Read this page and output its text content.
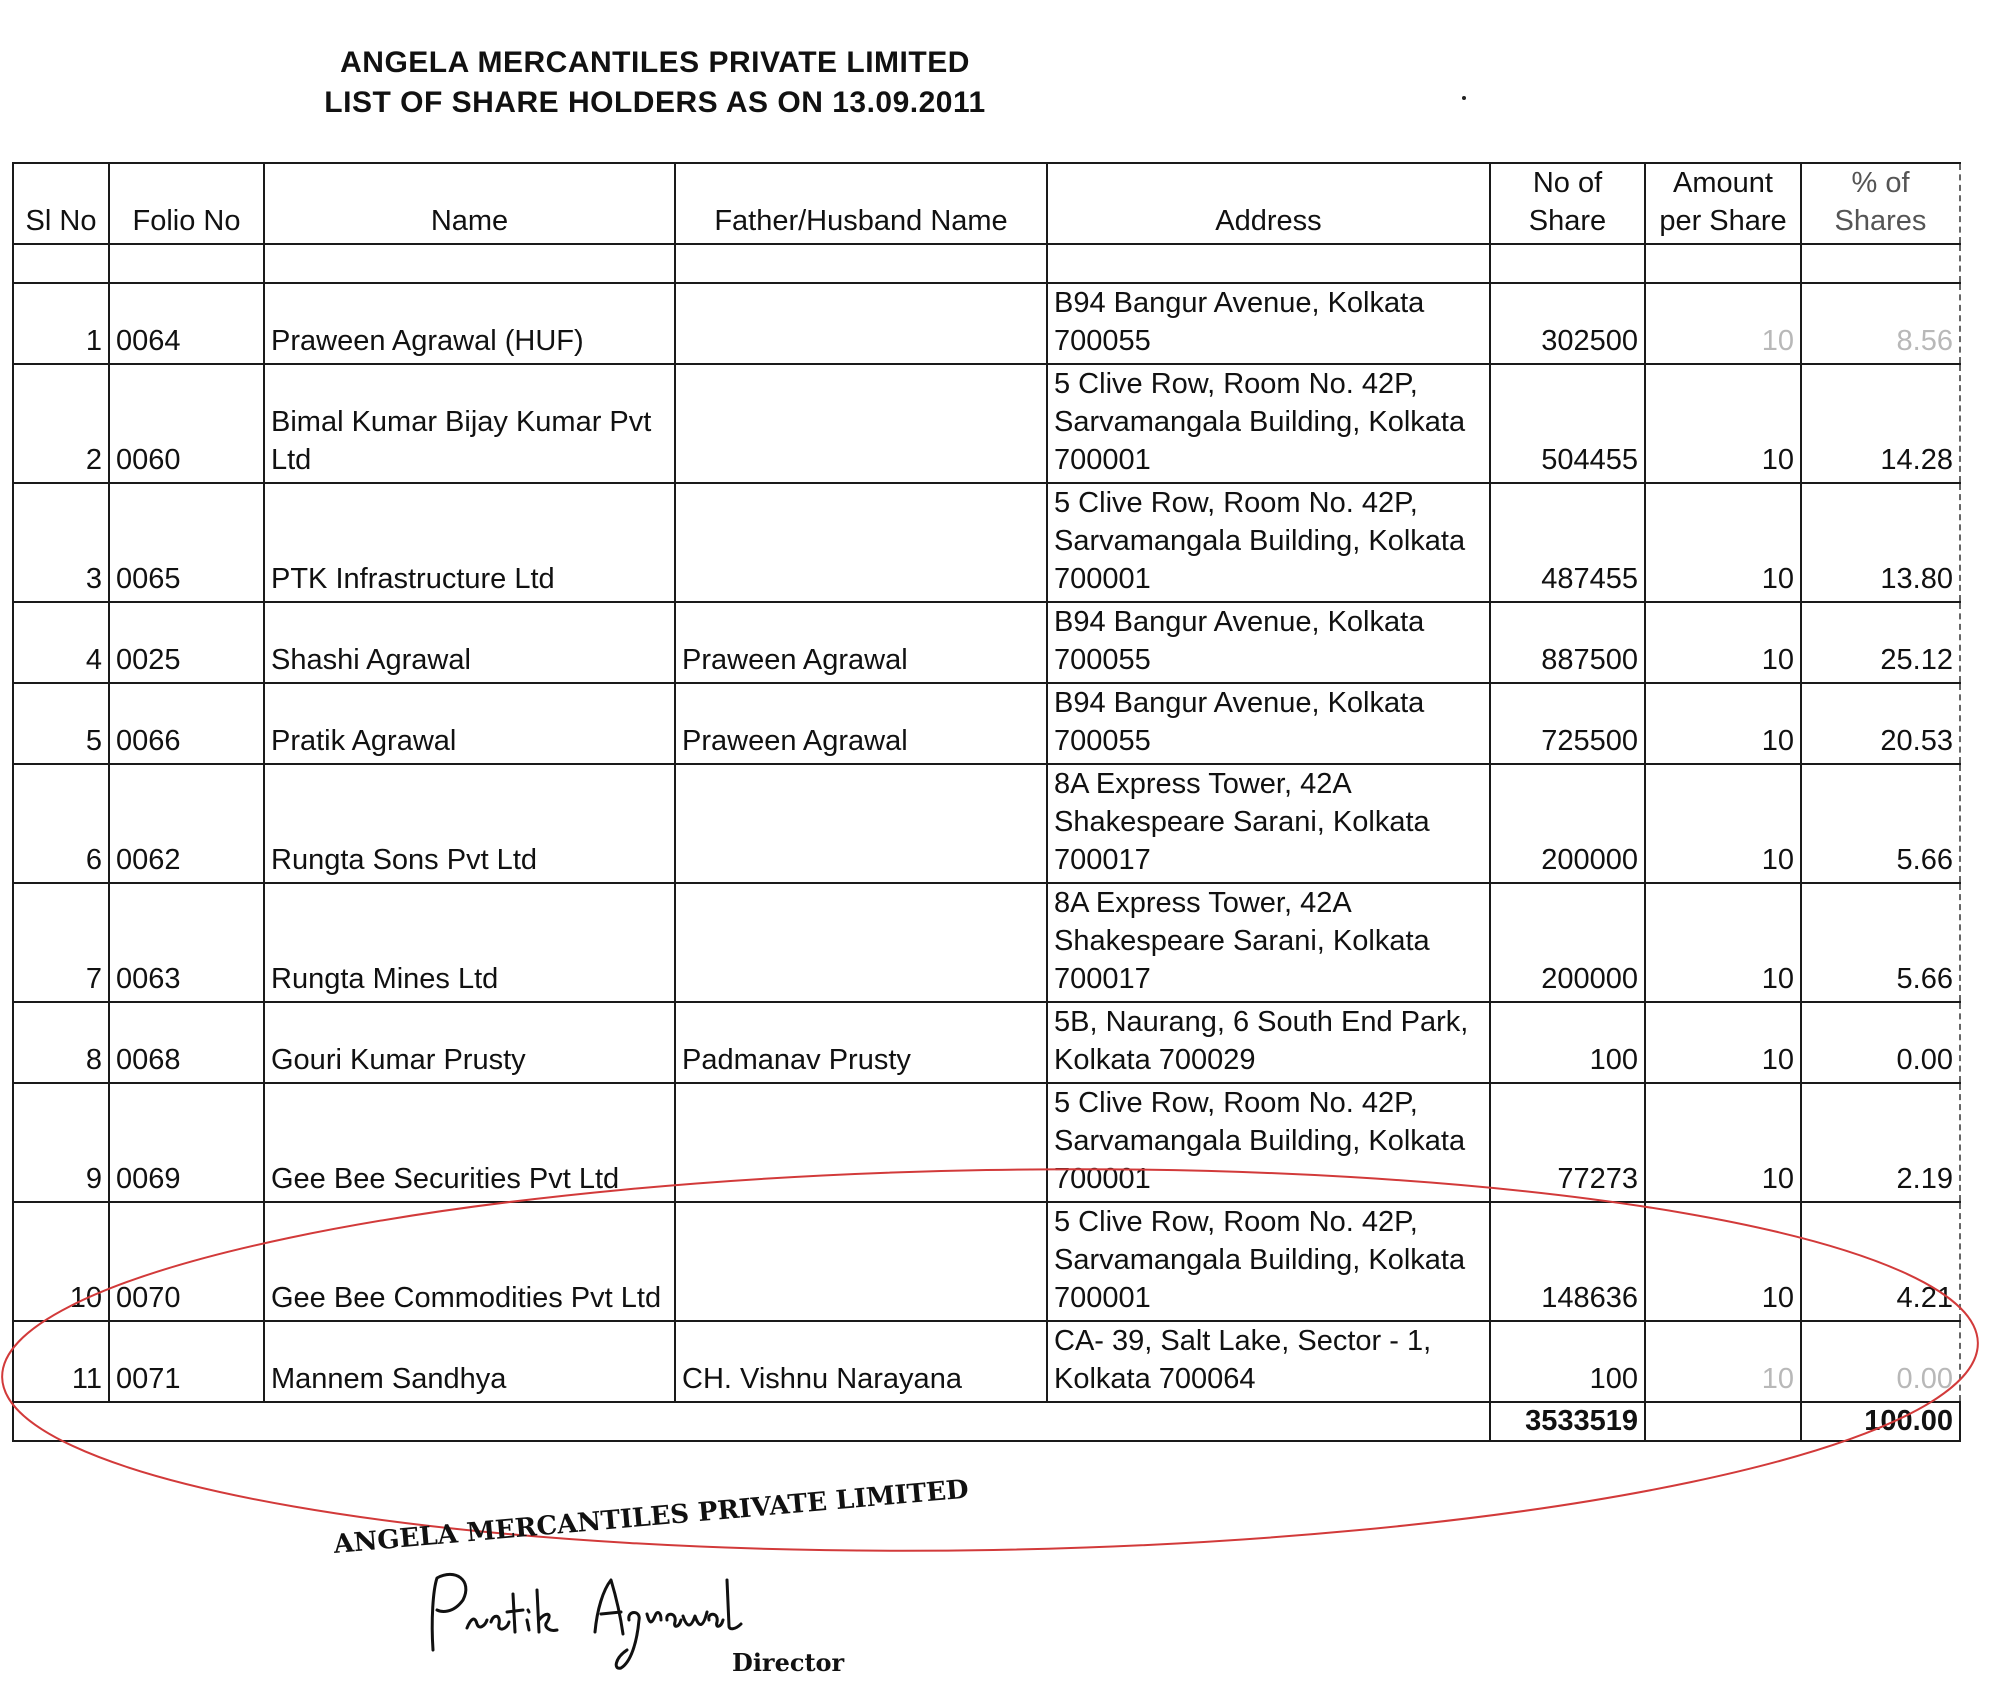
ANGELA MERCANTILES PRIVATE LIMITED
LIST OF SHARE HOLDERS AS ON 13.09.2011
Sl No	Folio No	Name	Father/Husband Name	Address	No of Share	Amount per Share	% of Shares

1	0064	Praween Agrawal (HUF)		B94 Bangur Avenue, Kolkata 700055	302500	10	8.56
2	0060	Bimal Kumar Bijay Kumar Pvt Ltd		5 Clive Row, Room No. 42P, Sarvamangala Building, Kolkata 700001	504455	10	14.28
3	0065	PTK Infrastructure Ltd		5 Clive Row, Room No. 42P, Sarvamangala Building, Kolkata 700001	487455	10	13.80
4	0025	Shashi Agrawal	Praween Agrawal	B94 Bangur Avenue, Kolkata 700055	887500	10	25.12
5	0066	Pratik Agrawal	Praween Agrawal	B94 Bangur Avenue, Kolkata 700055	725500	10	20.53
6	0062	Rungta Sons Pvt Ltd		8A Express Tower, 42A Shakespeare Sarani, Kolkata 700017	200000	10	5.66
7	0063	Rungta Mines Ltd		8A Express Tower, 42A Shakespeare Sarani, Kolkata 700017	200000	10	5.66
8	0068	Gouri Kumar Prusty	Padmanav Prusty	5B, Naurang, 6 South End Park, Kolkata 700029	100	10	0.00
9	0069	Gee Bee Securities Pvt Ltd		5 Clive Row, Room No. 42P, Sarvamangala Building, Kolkata 700001	77273	10	2.19
10	0070	Gee Bee Commodities Pvt Ltd		5 Clive Row, Room No. 42P, Sarvamangala Building, Kolkata 700001	148636	10	4.21
11	0071	Mannem Sandhya	CH. Vishnu Narayana	CA- 39, Salt Lake, Sector - 1, Kolkata 700064	100	10	0.00
					3533519		100.00
ANGELA MERCANTILES PRIVATE LIMITED
Director
